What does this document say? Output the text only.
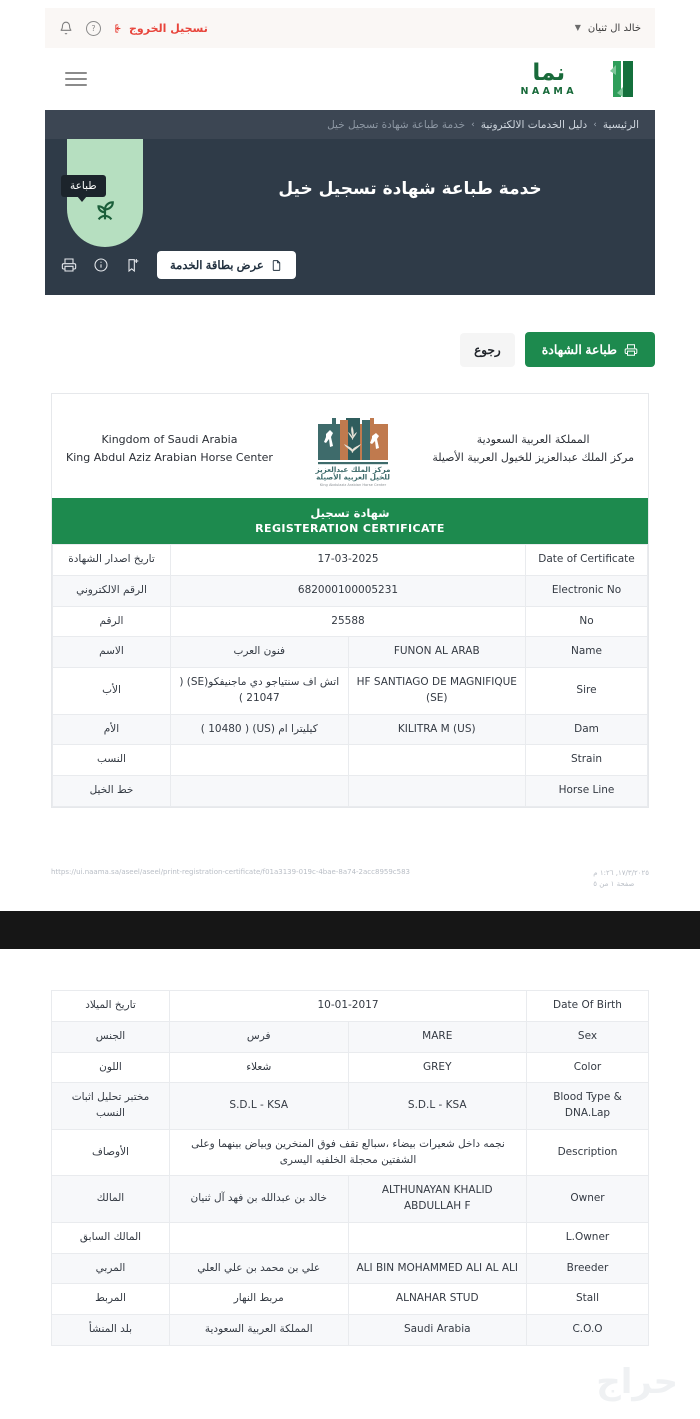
خالد ال ثنيان
▼
تسجيل الخروج
?
نما
NAAMA
الرئيسية
›
دليل الخدمات الالكترونية
›
خدمة طباعة شهادة تسجيل خيل
خدمة طباعة شهادة تسجيل خيل
طباعة
عرض بطاقة الخدمة
طباعة الشهادة
رجوع
المملكة العربية السعودية
مركز الملك عبدالعزيز للخيول العربية الأصيلة
مركز الملك عبدالعزيز
للخيل العربية الأصيلة
King Abdulaziz Arabian Horse Center
Kingdom of Saudi Arabia
King Abdul Aziz Arabian Horse Center
شهادة تسجيل
REGISTERATION CERTIFICATE
تاريخ اصدار الشهادة	17-03-2025		Date of Certificate
الرقم الالكتروني	682000100005231		Electronic No
الرقم	25588		No
الاسم	فنون العرب	FUNON AL ARAB	Name
الأب	اتش اف سنتياجو دي ماجنيفكو(SE) ( 21047 )	HF SANTIAGO DE MAGNIFIQUE (SE)	Sire
الأم	كيليترا ام (US) ( 10480 )	KILITRA M (US)	Dam
النسب			Strain
خط الخيل			Horse Line
https://ui.naama.sa/aseel/aseel/print-registration-certificate/f01a3139-019c-4bae-8a74-2acc8959c583	١٧/٣/٢٠٢٥, ١:٢٦ م
صفحة ١ من ٥
تاريخ الميلاد	10-01-2017		Date Of Birth
الجنس	فرس	MARE	Sex
اللون	شعلاء	GREY	Color
مختبر تحليل اثبات النسب	S.D.L - KSA	S.D.L - KSA	Blood Type & DNA.Lap
الأوصاف	نجمه داخل شعيرات بيضاء ،سبالع تقف فوق المنخرين وبياض بينهما وعلى الشفتين محجلة الخلفيه اليسرى		Description
المالك	خالد بن عبدالله بن فهد آل ثنيان	ALTHUNAYAN KHALID ABDULLAH F	Owner
المالك السابق			L.Owner
المربي	علي بن محمد بن علي العلي	ALI BIN MOHAMMED ALI AL ALI	Breeder
المربط	مربط النهار	ALNAHAR STUD	Stall
بلد المنشأ	المملكة العربية السعودية	Saudi Arabia	C.O.O
حراج
